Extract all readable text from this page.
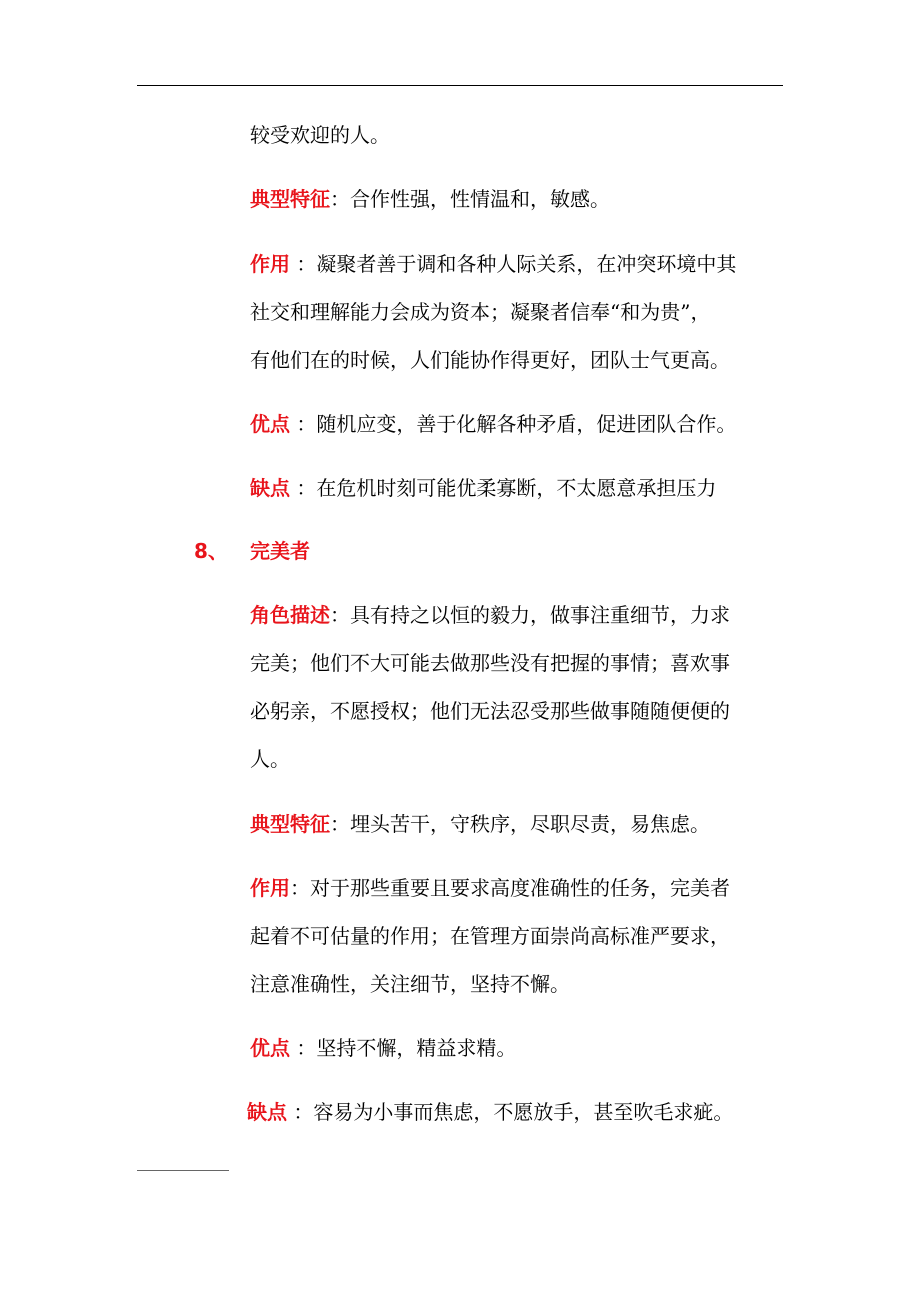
较受欢迎的人。

典型特征：合作性强，性情温和，敏感。

作用 ：凝聚者善于调和各种人际关系，在冲突环境中其
社交和理解能力会成为资本；凝聚者信奉“和为贵”，
有他们在的时候，人们能协作得更好，团队士气更高。

优点 ：随机应变，善于化解各种矛盾，促进团队合作。

缺点 ：在危机时刻可能优柔寡断，不太愿意承担压力

8、 完美者

角色描述：具有持之以恒的毅力，做事注重细节，力求
完美；他们不大可能去做那些没有把握的事情；喜欢事
必躬亲，不愿授权；他们无法忍受那些做事随随便便的
人。

典型特征：埋头苦干，守秩序，尽职尽责，易焦虑。

作用：对于那些重要且要求高度准确性的任务，完美者
起着不可估量的作用；在管理方面崇尚高标准严要求，
注意准确性，关注细节，坚持不懈。

优点 ：坚持不懈，精益求精。

缺点 ：容易为小事而焦虑，不愿放手，甚至吹毛求疵。
